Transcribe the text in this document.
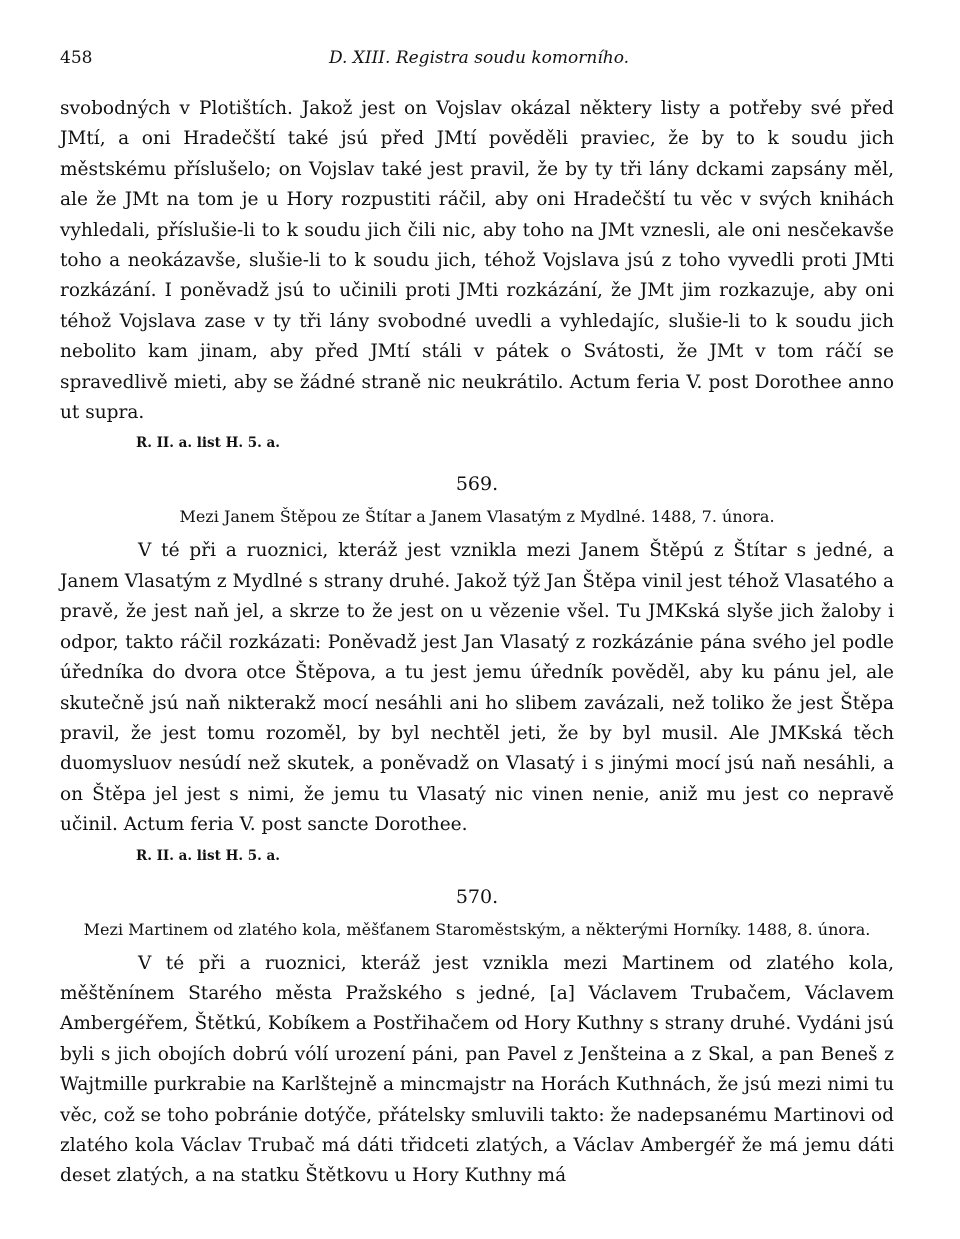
458	D. XIII. Registra soudu komorního.

svobodných v Plotištích. Jakož jest on Vojslav okázal některу listy a potřeby své před JMtí, a oni Hradečští také jsú před JMtí pověděli praviec, že by to k soudu jich městskému příslušelo; on Vojslav také jest pravil, že by ty tři lány dckami zapsány měl, ale že JMt na tom je u Hory rozpustiti ráčil, aby oni Hradečští tu věc v svých knihách vyhledali, příslušie-li to k soudu jich čili nic, aby toho na JMt vznesli, ale oni nesčekavše toho a neokázavše, slušie-li to k soudu jich, téhož Vojslava jsú z toho vyvedli proti JMti rozkázání. I poněvadž jsú to učinili proti JMti rozkázání, že JMt jim rozkazuje, aby oni téhož Vojslava zase v ty tři lány svobodné uvedli a vyhledajíc, slušie-li to k soudu jich nebolito kam jinam, aby před JMtí stáli v pátek o Svátosti, že JMt v tom ráčí se spravedlivě mieti, aby se žádné straně nic neukrátilo. Actum feria V. post Dorothee anno ut supra.

R. II. a. list H. 5. a.

569.

Mezi Janem Štěpou ze Štítar a Janem Vlasatým z Mydlné. 1488, 7. února.

V té při a ruoznici, kteráž jest vznikla mezi Janem Štěpú z Štítar s jedné, a Janem Vlasatým z Mydlné s strany druhé. Jakož týž Jan Štěpa vinil jest téhož Vlasatého a pravě, že jest naň jel, a skrze to že jest on u vězenie všel. Tu JMKská slyše jich žaloby i odpor, takto ráčil rozkázati: Poněvadž jest Jan Vlasatý z rozkázánie pána svého jel podle úředníka do dvora otce Štěpova, a tu jest jemu úředník pověděl, aby ku pánu jel, ale skutečně jsú naň nikterakž mocí nesáhli ani ho slibem zavázali, než toliko že jest Štěpa pravil, že jest tomu rozoměl, by byl nechtěl jeti, že by byl musil. Ale JMKská těch duomysluov nesúdí než skutek, a poněvadž on Vlasatý i s jinými mocí jsú naň nesáhli, a on Štěpa jel jest s nimi, že jemu tu Vlasatý nic vinen nenie, aniž mu jest co nepravě učinil. Actum feria V. post sancte Dorothee.

R. II. a. list H. 5. a.

570.

Mezi Martinem od zlatého kola, měšťanem Staroměstským, a některými Horníky. 1488, 8. února.

V té při a ruoznici, kteráž jest vznikla mezi Martinem od zlatého kola, měštěnínem Starého města Pražského s jedné, [a] Václavem Trubačem, Václavem Ambergéřem, Štětkú, Kobíkem a Postřihačem od Hory Kuthny s strany druhé. Vydáni jsú byli s jich obojích dobrú vólí urození páni, pan Pavel z Jenšteina a z Skal, a pan Beneš z Wajtmille purkrabie na Karlštejně a mincmajstr na Horách Kuthnách, že jsú mezi nimi tu věc, což se toho pobránie dotýče, přátelsky smluvili takto: že nadepsanému Martinovi od zlatého kola Václav Trubač má dáti třidceti zlatých, a Václav Ambergéř že má jemu dáti deset zlatých, a na statku Štětkovu u Hory Kuthny má
